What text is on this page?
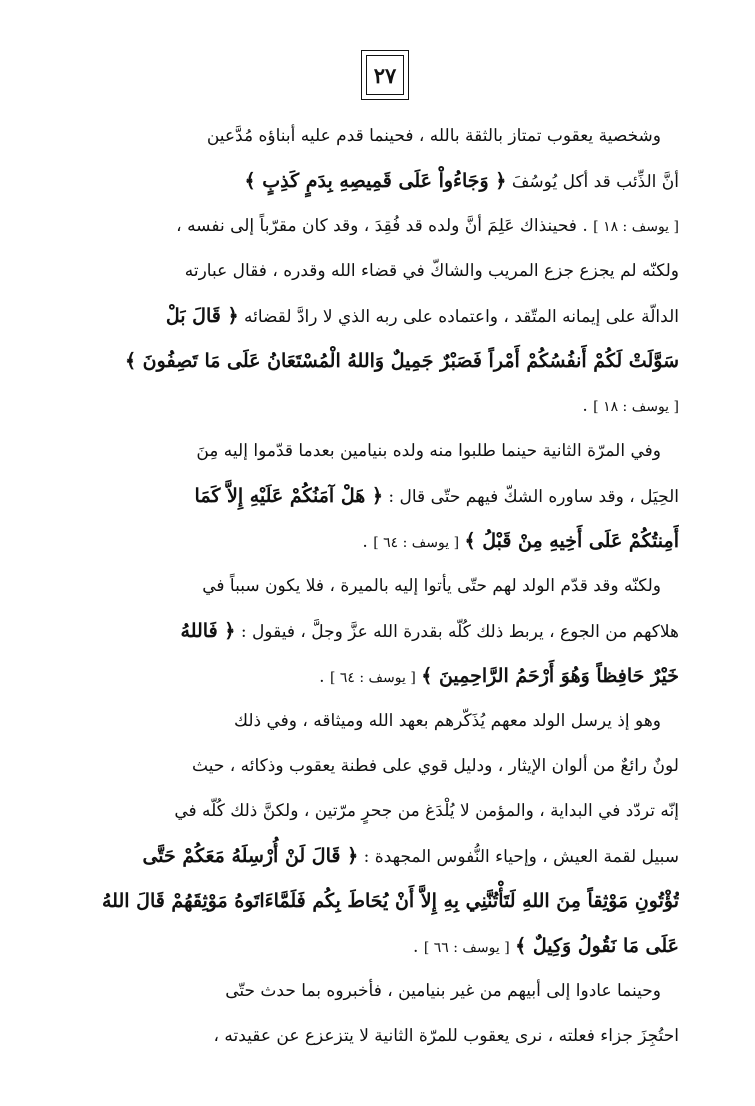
٢٧
وشخصية يعقوب تمتاز بالثقة بالله ، فحينما قدم عليه أبناؤه مُدَّعين
أنَّ الذِّئب قد أكل يُوسُفَ ﴿ وَجَاءُواْ عَلَى قَمِيصِهِ بِدَمٍ كَذِبٍ ﴾
[ يوسف : ١٨ ] . فحينذاك عَلِمَ أنَّ ولده قد فُقِدَ ، وقد كان مقرّباً إلى نفسه ،
ولكنّه لم يجزع جزع المريب والشاكّ في قضاء الله وقدره ، فقال عبارته
الدالّة على إيمانه المتّقد ، واعتماده على ربه الذي لا رادَّ لقضائه ﴿ قَالَ بَلْ
سَوَّلَتْ لَكُمْ أَنفُسُكُمْ أَمْراً فَصَبْرٌ جَمِيلٌ وَاللهُ الْمُسْتَعَانُ عَلَى مَا تَصِفُونَ ﴾
[ يوسف : ١٨ ] .
وفي المرّة الثانية حينما طلبوا منه ولده بنيامين بعدما قدّموا إليه مِنَ
الحِيَل ، وقد ساوره الشكّ فيهم حتّى قال : ﴿ هَلْ آمَنُكُمْ عَلَيْهِ إِلاَّ كَمَا
أَمِنتُكُمْ عَلَى أَخِيهِ مِنْ قَبْلُ ﴾ [ يوسف : ٦٤ ] .
ولكنّه وقد قدّم الولد لهم حتّى يأتوا إليه بالميرة ، فلا يكون سبباً في
هلاكهم من الجوع ، يربط ذلك كُلّه بقدرة الله عزَّ وجلَّ ، فيقول : ﴿ فَاللهُ
خَيْرٌ حَافِظاً وَهُوَ أَرْحَمُ الرَّاحِمِينَ ﴾ [ يوسف : ٦٤ ] .
وهو إذ يرسل الولد معهم يُذَكّرهم بعهد الله وميثاقه ، وفي ذلك
لونٌ رائعٌ من ألوان الإيثار ، ودليل قوي على فطنة يعقوب وذكائه ، حيث
إنّه تردّد في البداية ، والمؤمن لا يُلْدَغ من جحرٍ مرّتين ، ولكنَّ ذلك كُلّه في
سبيل لقمة العيش ، وإحياء النُّفوس المجهدة : ﴿ قَالَ لَنْ أُرْسِلَهُ مَعَكُمْ حَتَّى
تُؤْتُونِ مَوْثِقاً مِنَ اللهِ لَتَأْتُنَّنِي بِهِ إِلاَّ أَنْ يُحَاطَ بِكُم فَلَمَّاءَاتَوهُ مَوْثِقَهُمْ قَالَ اللهُ
عَلَى مَا نَقُولُ وَكِيلٌ ﴾ [ يوسف : ٦٦ ] .
وحينما عادوا إلى أبيهم من غير بنيامين ، فأخبروه بما حدث حتّى
احتُجِزَ جزاء فعلته ، نرى يعقوب للمرّة الثانية لا يتزعزع عن عقيدته ،
